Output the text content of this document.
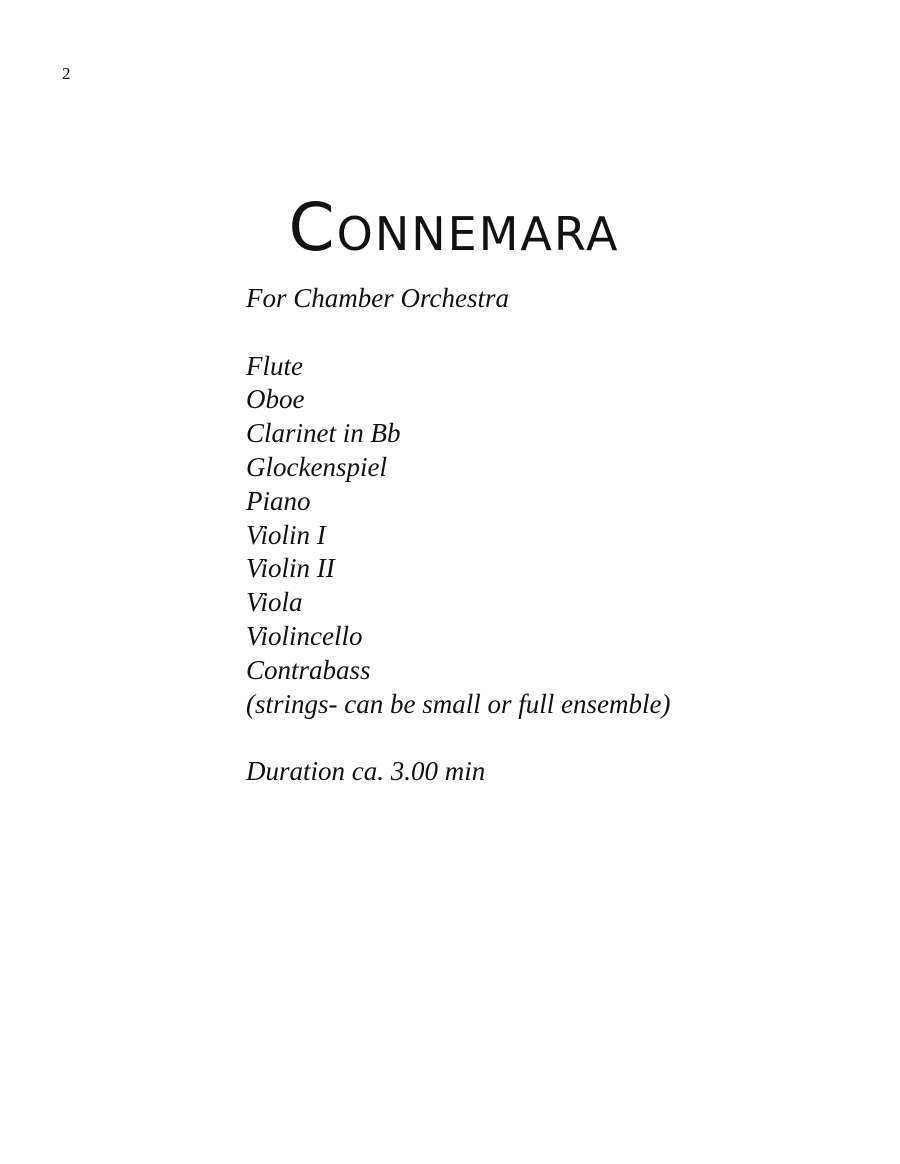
2
Connemara
For Chamber Orchestra
Flute
Oboe
Clarinet in Bb
Glockenspiel
Piano
Violin I
Violin II
Viola
Violincello
Contrabass
(strings- can be small or full ensemble)
Duration ca. 3.00 min
